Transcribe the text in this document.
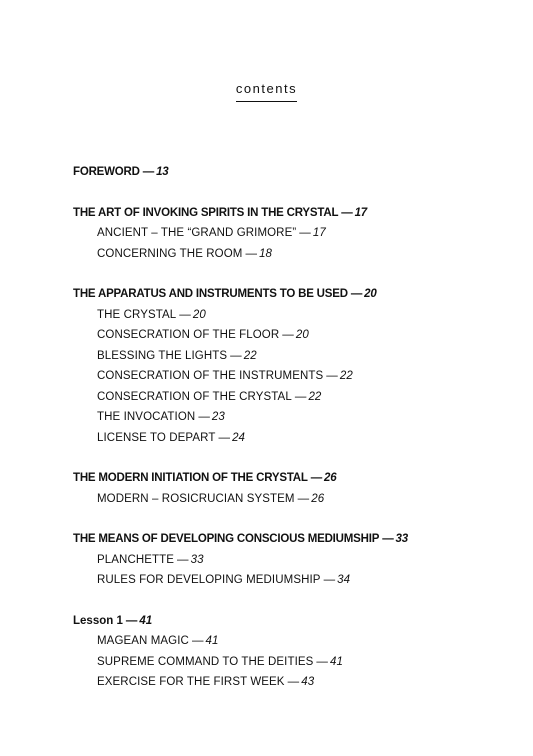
contents
FOREWORD — 13
THE ART OF INVOKING SPIRITS IN THE CRYSTAL — 17
ANCIENT – THE “GRAND GRIMORE” — 17
CONCERNING THE ROOM — 18
THE APPARATUS AND INSTRUMENTS TO BE USED — 20
THE CRYSTAL — 20
CONSECRATION OF THE FLOOR — 20
BLESSING THE LIGHTS — 22
CONSECRATION OF THE INSTRUMENTS — 22
CONSECRATION OF THE CRYSTAL — 22
THE INVOCATION — 23
LICENSE TO DEPART — 24
THE MODERN INITIATION OF THE CRYSTAL — 26
MODERN – ROSICRUCIAN SYSTEM — 26
THE MEANS OF DEVELOPING CONSCIOUS MEDIUMSHIP — 33
PLANCHETTE — 33
RULES FOR DEVELOPING MEDIUMSHIP — 34
Lesson 1 — 41
MAGEAN MAGIC — 41
SUPREME COMMAND TO THE DEITIES — 41
EXERCISE FOR THE FIRST WEEK — 43
